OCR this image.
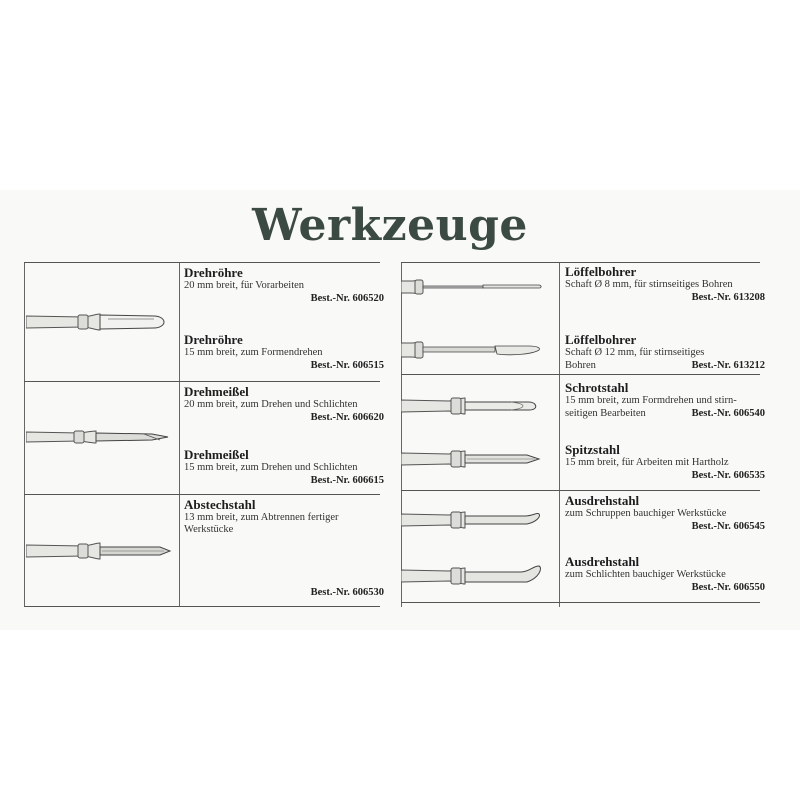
Werkzeuge
Drehröhre
20 mm breit, für Vorarbeiten
Best.-Nr. 606520
Drehröhre
15 mm breit, zum Formendrehen
Best.-Nr. 606515
Drehmeißel
20 mm breit, zum Drehen und Schlichten
Best.-Nr. 606620
Drehmeißel
15 mm breit, zum Drehen und Schlichten
Best.-Nr. 606615
Abstechstahl
13 mm breit, zum Abtrennen fertiger Werkstücke
Best.-Nr. 606530
Löffelbohrer
Schaft Ø 8 mm, für stirnseitiges Bohren
Best.-Nr. 613208
Löffelbohrer
Schaft Ø 12 mm, für stirnseitiges
Bohren	Best.-Nr. 613212
Schrotstahl
15 mm breit, zum Formdrehen und stirn-
seitigen Bearbeiten	Best.-Nr. 606540
Spitzstahl
15 mm breit, für Arbeiten mit Hartholz
Best.-Nr. 606535
Ausdrehstahl
zum Schruppen bauchiger Werkstücke
Best.-Nr. 606545
Ausdrehstahl
zum Schlichten bauchiger Werkstücke
Best.-Nr. 606550
